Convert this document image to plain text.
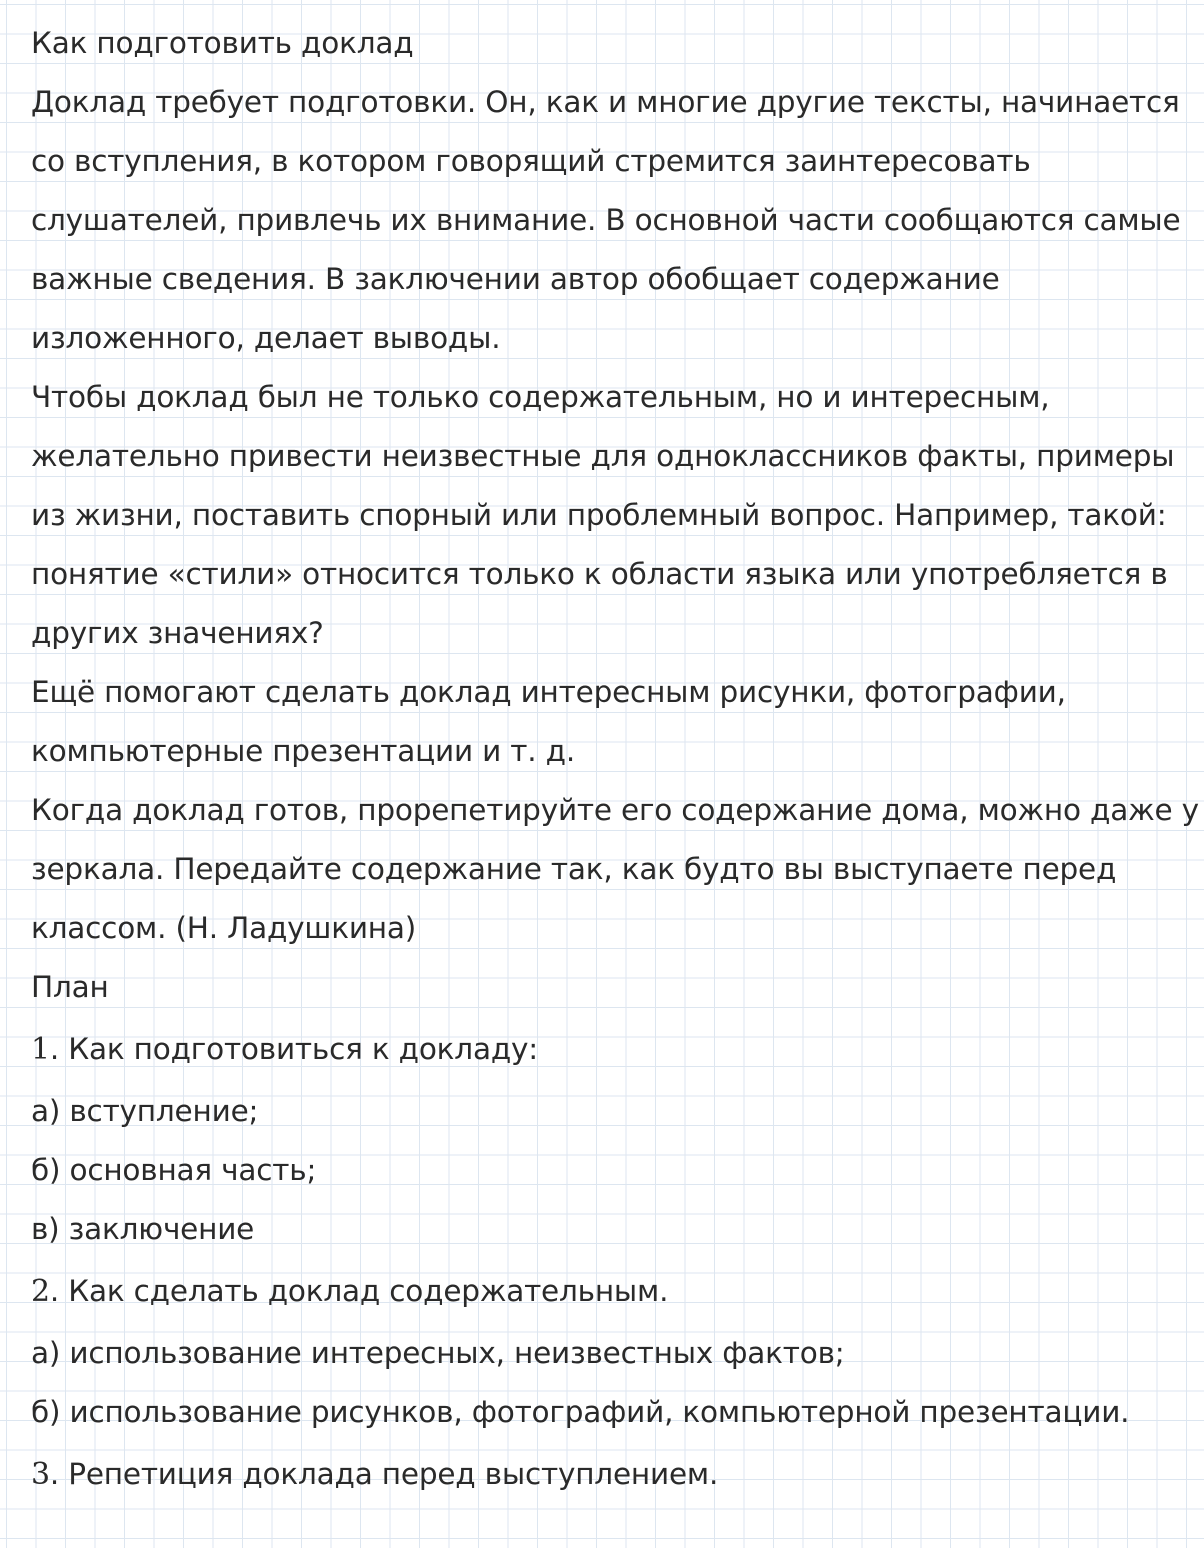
Как подготовить доклад
Доклад требует подготовки. Он, как и многие другие тексты, начинается
со вступления, в котором говорящий стремится заинтересовать
слушателей, привлечь их внимание. В основной части сообщаются самые
важные сведения. В заключении автор обобщает содержание
изложенного, делает выводы.
Чтобы доклад был не только содержательным, но и интересным,
желательно привести неизвестные для одноклассников факты, примеры
из жизни, поставить спорный или проблемный вопрос. Например, такой:
понятие «стили» относится только к области языка или употребляется в
других значениях?
Ещё помогают сделать доклад интересным рисунки, фотографии,
компьютерные презентации и т. д.
Когда доклад готов, прорепетируйте его содержание дома, можно даже у
зеркала. Передайте содержание так, как будто вы выступаете перед
классом. (Н. Ладушкина)
План
1. Как подготовиться к докладу:
а) вступление;
б) основная часть;
в) заключение
2. Как сделать доклад содержательным.
а) использование интересных, неизвестных фактов;
б) использование рисунков, фотографий, компьютерной презентации.
3. Репетиция доклада перед выступлением.
